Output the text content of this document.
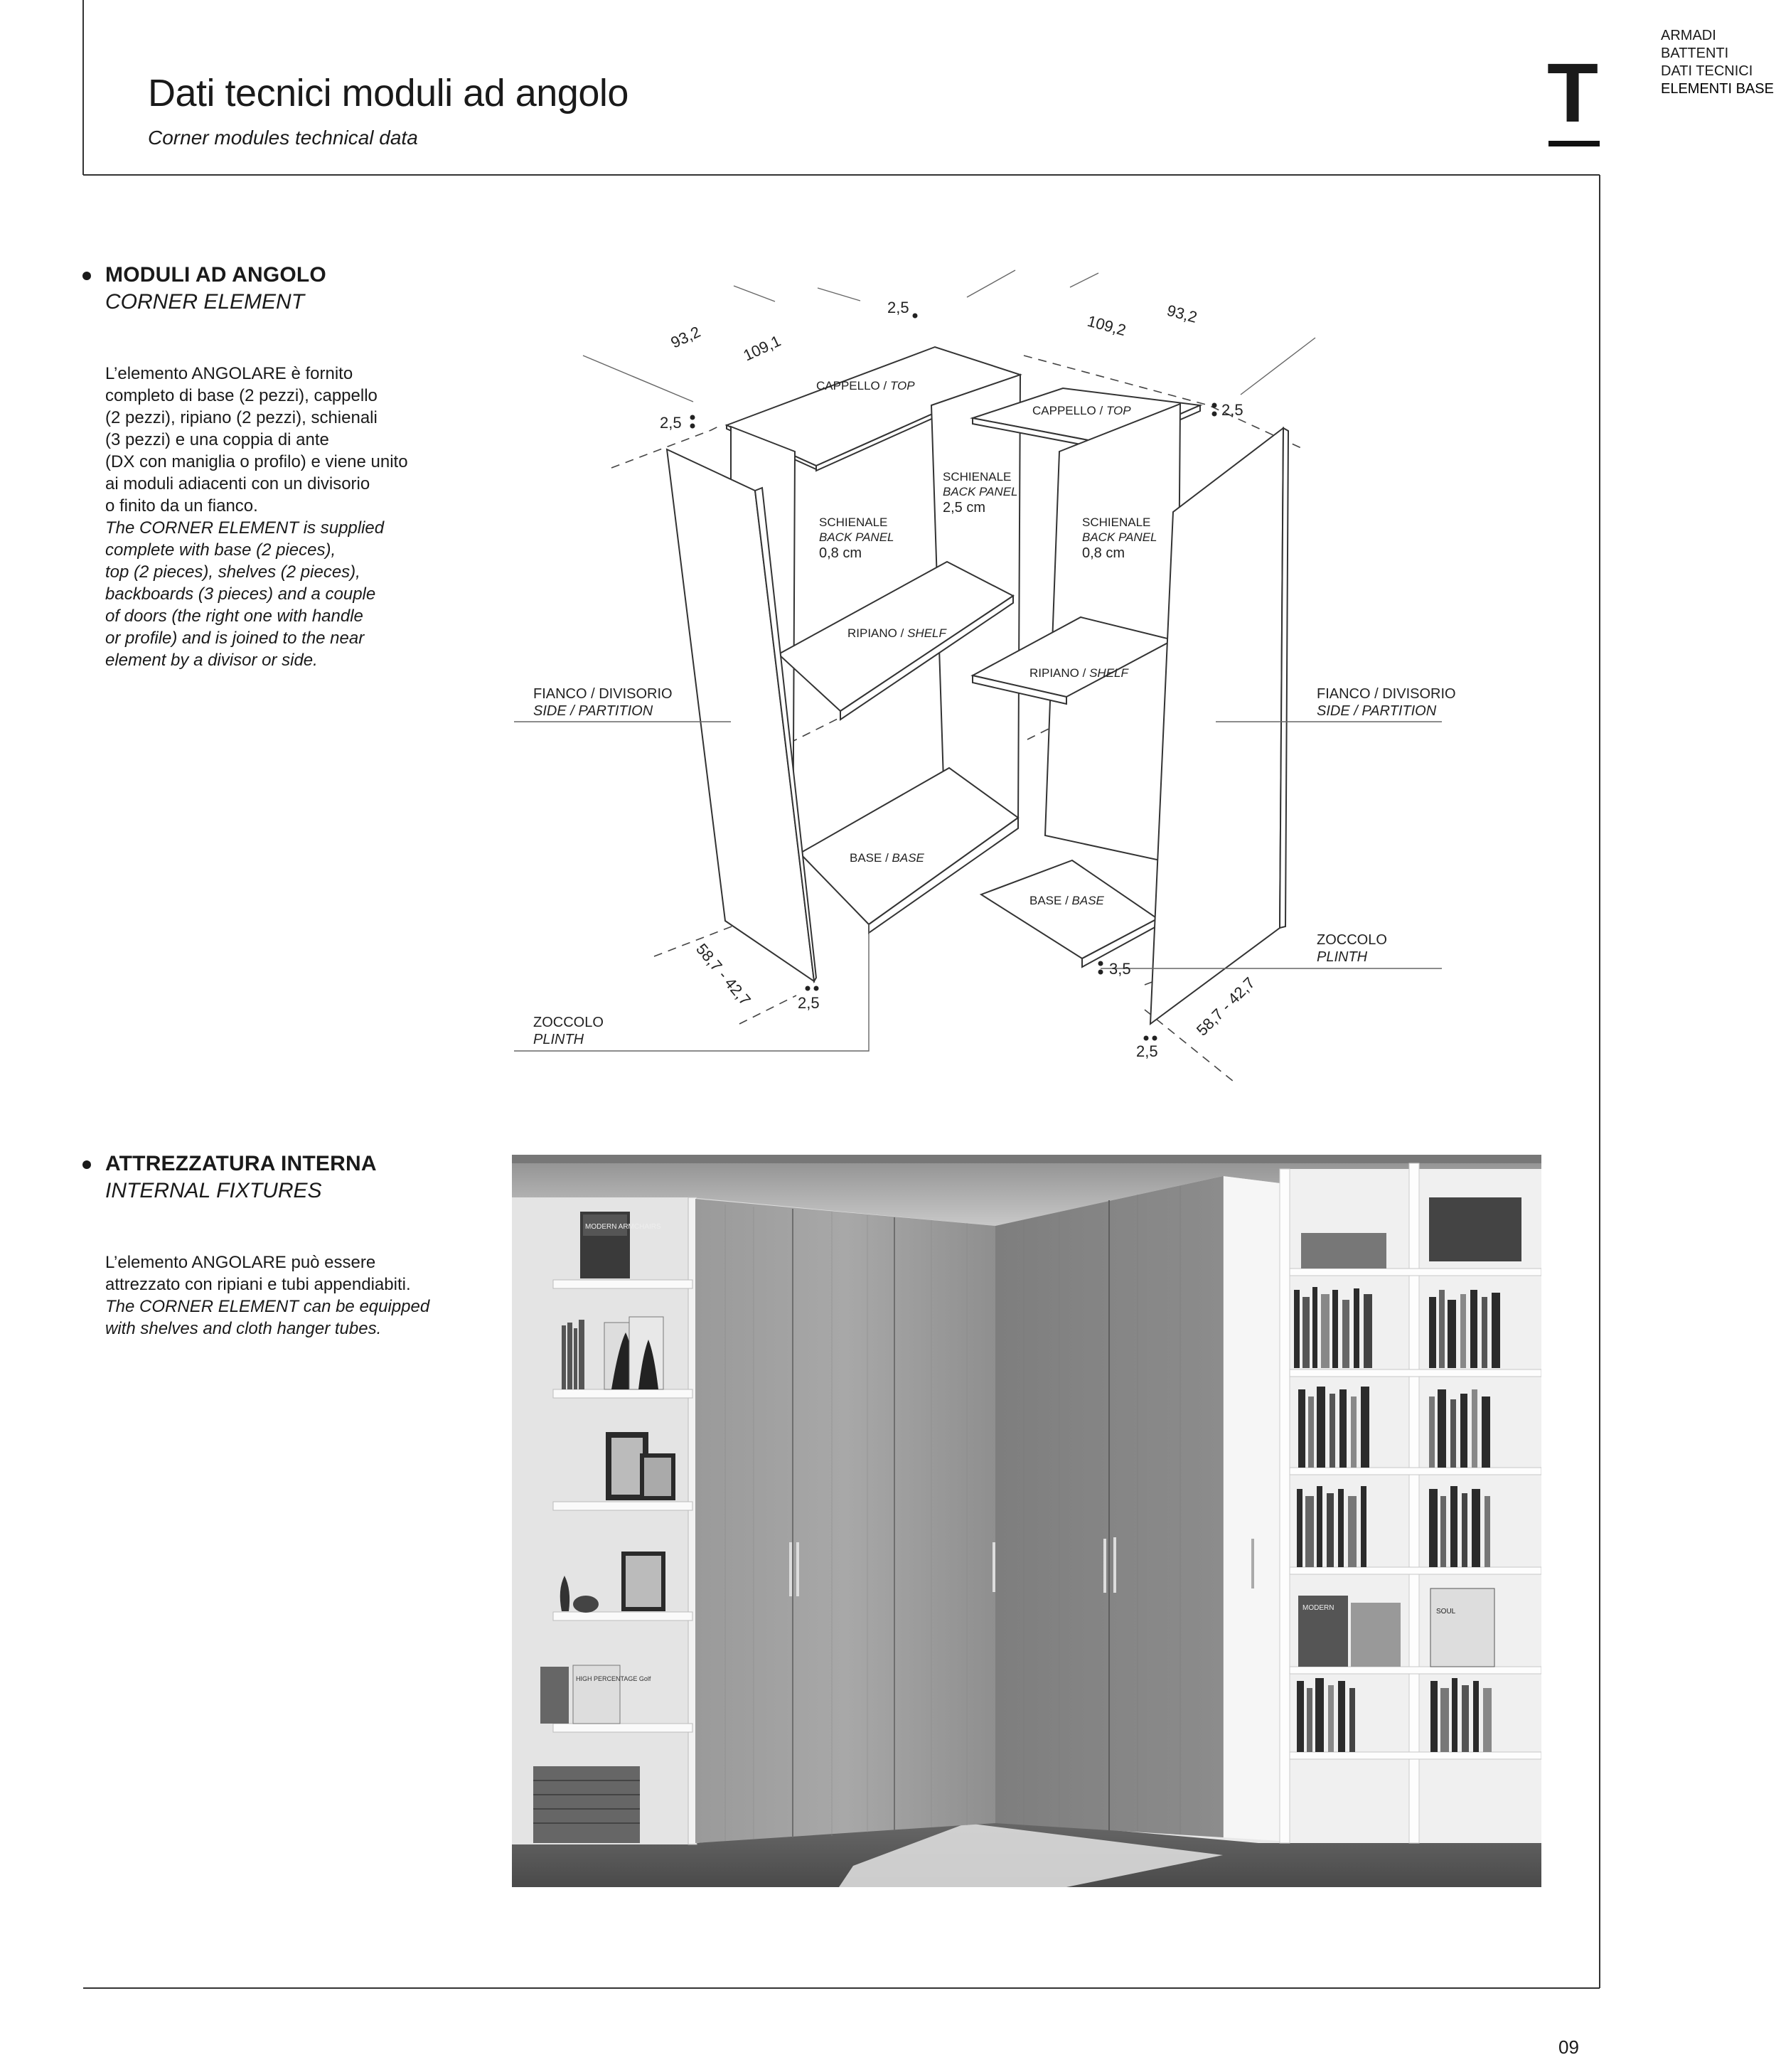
Dati tecnici moduli ad angolo
Corner modules technical data	T
ARMADI
BATTENTI
DATI TECNICI
ELEMENTI BASE
MODULI AD ANGOLO
CORNER ELEMENT
L’elemento ANGOLARE è fornito
completo di base (2 pezzi), cappello
(2 pezzi), ripiano (2 pezzi), schienali
(3 pezzi) e una coppia di ante
(DX con maniglia o profilo) e viene unito
ai moduli adiacenti con un divisorio
o finito da un fianco.
The CORNER ELEMENT is supplied
complete with base (2 pieces),
top (2 pieces), shelves (2 pieces),
backboards (3 pieces) and a couple
of doors (the right one with handle
or profile) and is joined to the near
element by a divisor or side.
93,2 109,1
2,5
109,2 93,2
2,5
2,5
58,7 - 42,7	2,5
3,5
58,7 - 42,7
2,5
CAPPELLO / TOP
CAPPELLO / TOP
SCHIENALE
BACK PANEL
2,5 cm
SCHIENALE
BACK PANEL
0,8 cm
SCHIENALE
BACK PANEL
0,8 cm
RIPIANO / SHELF
RIPIANO / SHELF
BASE / BASE
BASE / BASE
FIANCO / DIVISORIO
SIDE / PARTITION
FIANCO / DIVISORIO
SIDE / PARTITION
ZOCCOLO
PLINTH
ZOCCOLO
PLINTH
ATTREZZATURA INTERNA
INTERNAL FIXTURES
L’elemento ANGOLARE può essere
attrezzato con ripiani e tubi appendiabiti.
The CORNER ELEMENT can be equipped
with shelves and cloth hanger tubes.
MODERN ARMCHAIRS
HIGH PERCENTAGE Golf
MODERN	SOUL
09
